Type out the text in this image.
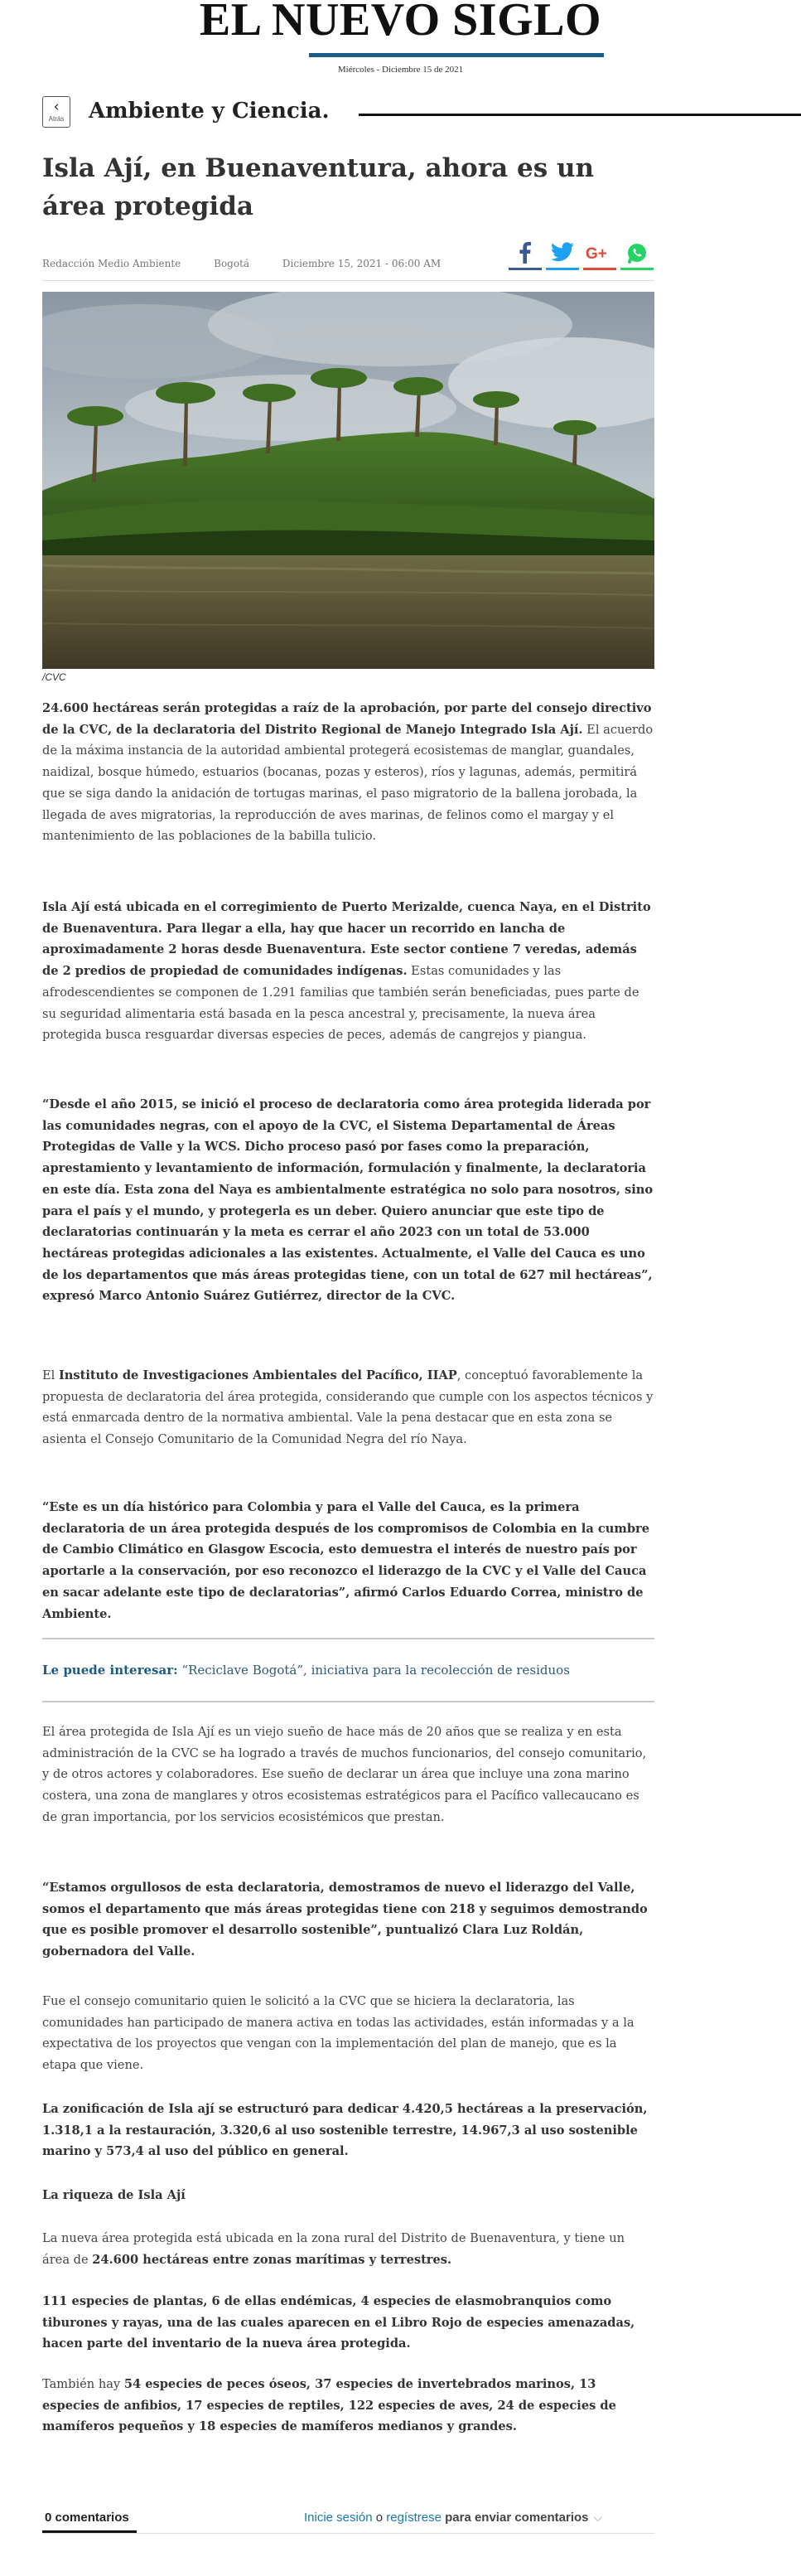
EL NUEVO SIGLO
Miércoles - Diciembre 15 de 2021
‹
Atrás Ambiente y Ciencia.
Isla Ají, en Buenaventura, ahora es un área protegida
Redacción Medio Ambiente	Bogotá	Diciembre 15, 2021 - 06:00 AM
G+
/CVC
24.600 hectáreas serán protegidas a raíz de la aprobación, por parte del consejo directivo de la CVC, de la declaratoria del Distrito Regional de Manejo Integrado Isla Ají. El acuerdo de la máxima instancia de la autoridad ambiental protegerá ecosistemas de manglar, guandales, naidizal, bosque húmedo, estuarios (bocanas, pozas y esteros), ríos y lagunas, además, permitirá que se siga dando la anidación de tortugas marinas, el paso migratorio de la ballena jorobada, la llegada de aves migratorias, la reproducción de aves marinas, de felinos como el margay y el mantenimiento de las poblaciones de la babilla tulicio.
Isla Ají está ubicada en el corregimiento de Puerto Merizalde, cuenca Naya, en el Distrito de Buenaventura. Para llegar a ella, hay que hacer un recorrido en lancha de aproximadamente 2 horas desde Buenaventura. Este sector contiene 7 veredas, además de 2 predios de propiedad de comunidades indígenas. Estas comunidades y las afrodescendientes se componen de 1.291 familias que también serán beneficiadas, pues parte de su seguridad alimentaria está basada en la pesca ancestral y, precisamente, la nueva área protegida busca resguardar diversas especies de peces, además de cangrejos y piangua.
“Desde el año 2015, se inició el proceso de declaratoria como área protegida liderada por las comunidades negras, con el apoyo de la CVC, el Sistema Departamental de Áreas Protegidas de Valle y la WCS. Dicho proceso pasó por fases como la preparación, aprestamiento y levantamiento de información, formulación y finalmente, la declaratoria en este día. Esta zona del Naya es ambientalmente estratégica no solo para nosotros, sino para el país y el mundo, y protegerla es un deber. Quiero anunciar que este tipo de declaratorias continuarán y la meta es cerrar el año 2023 con un total de 53.000 hectáreas protegidas adicionales a las existentes. Actualmente, el Valle del Cauca es uno de los departamentos que más áreas protegidas tiene, con un total de 627 mil hectáreas”, expresó Marco Antonio Suárez Gutiérrez, director de la CVC.
El Instituto de Investigaciones Ambientales del Pacífico, IIAP, conceptuó favorablemente la propuesta de declaratoria del área protegida, considerando que cumple con los aspectos técnicos y está enmarcada dentro de la normativa ambiental. Vale la pena destacar que en esta zona se asienta el Consejo Comunitario de la Comunidad Negra del río Naya.
“Este es un día histórico para Colombia y para el Valle del Cauca, es la primera declaratoria de un área protegida después de los compromisos de Colombia en la cumbre de Cambio Climático en Glasgow Escocia, esto demuestra el interés de nuestro país por aportarle a la conservación, por eso reconozco el liderazgo de la CVC y el Valle del Cauca en sacar adelante este tipo de declaratorias”, afirmó Carlos Eduardo Correa, ministro de Ambiente.
Le puede interesar: “Reciclave Bogotá”, iniciativa para la recolección de residuos
El área protegida de Isla Ají es un viejo sueño de hace más de 20 años que se realiza y en esta administración de la CVC se ha logrado a través de muchos funcionarios, del consejo comunitario, y de otros actores y colaboradores. Ese sueño de declarar un área que incluye una zona marino costera, una zona de manglares y otros ecosistemas estratégicos para el Pacífico vallecaucano es de gran importancia, por los servicios ecosistémicos que prestan.
“Estamos orgullosos de esta declaratoria, demostramos de nuevo el liderazgo del Valle, somos el departamento que más áreas protegidas tiene con 218 y seguimos demostrando que es posible promover el desarrollo sostenible”, puntualizó Clara Luz Roldán, gobernadora del Valle.
Fue el consejo comunitario quien le solicitó a la CVC que se hiciera la declaratoria, las comunidades han participado de manera activa en todas las actividades, están informadas y a la expectativa de los proyectos que vengan con la implementación del plan de manejo, que es la etapa que viene.
La zonificación de Isla ají se estructuró para dedicar 4.420,5 hectáreas a la preservación, 1.318,1 a la restauración, 3.320,6 al uso sostenible terrestre, 14.967,3 al uso sostenible marino y 573,4 al uso del público en general.
La riqueza de Isla Ají
La nueva área protegida está ubicada en la zona rural del Distrito de Buenaventura, y tiene un área de 24.600 hectáreas entre zonas marítimas y terrestres.
111 especies de plantas, 6 de ellas endémicas, 4 especies de elasmobranquios como tiburones y rayas, una de las cuales aparecen en el Libro Rojo de especies amenazadas, hacen parte del inventario de la nueva área protegida.
También hay 54 especies de peces óseos, 37 especies de invertebrados marinos, 13 especies de anfibios, 17 especies de reptiles, 122 especies de aves, 24 de especies de mamíferos pequeños y 18 especies de mamíferos medianos y grandes.
0 comentarios	Inicie sesión o regístrese para enviar comentarios ⌵
